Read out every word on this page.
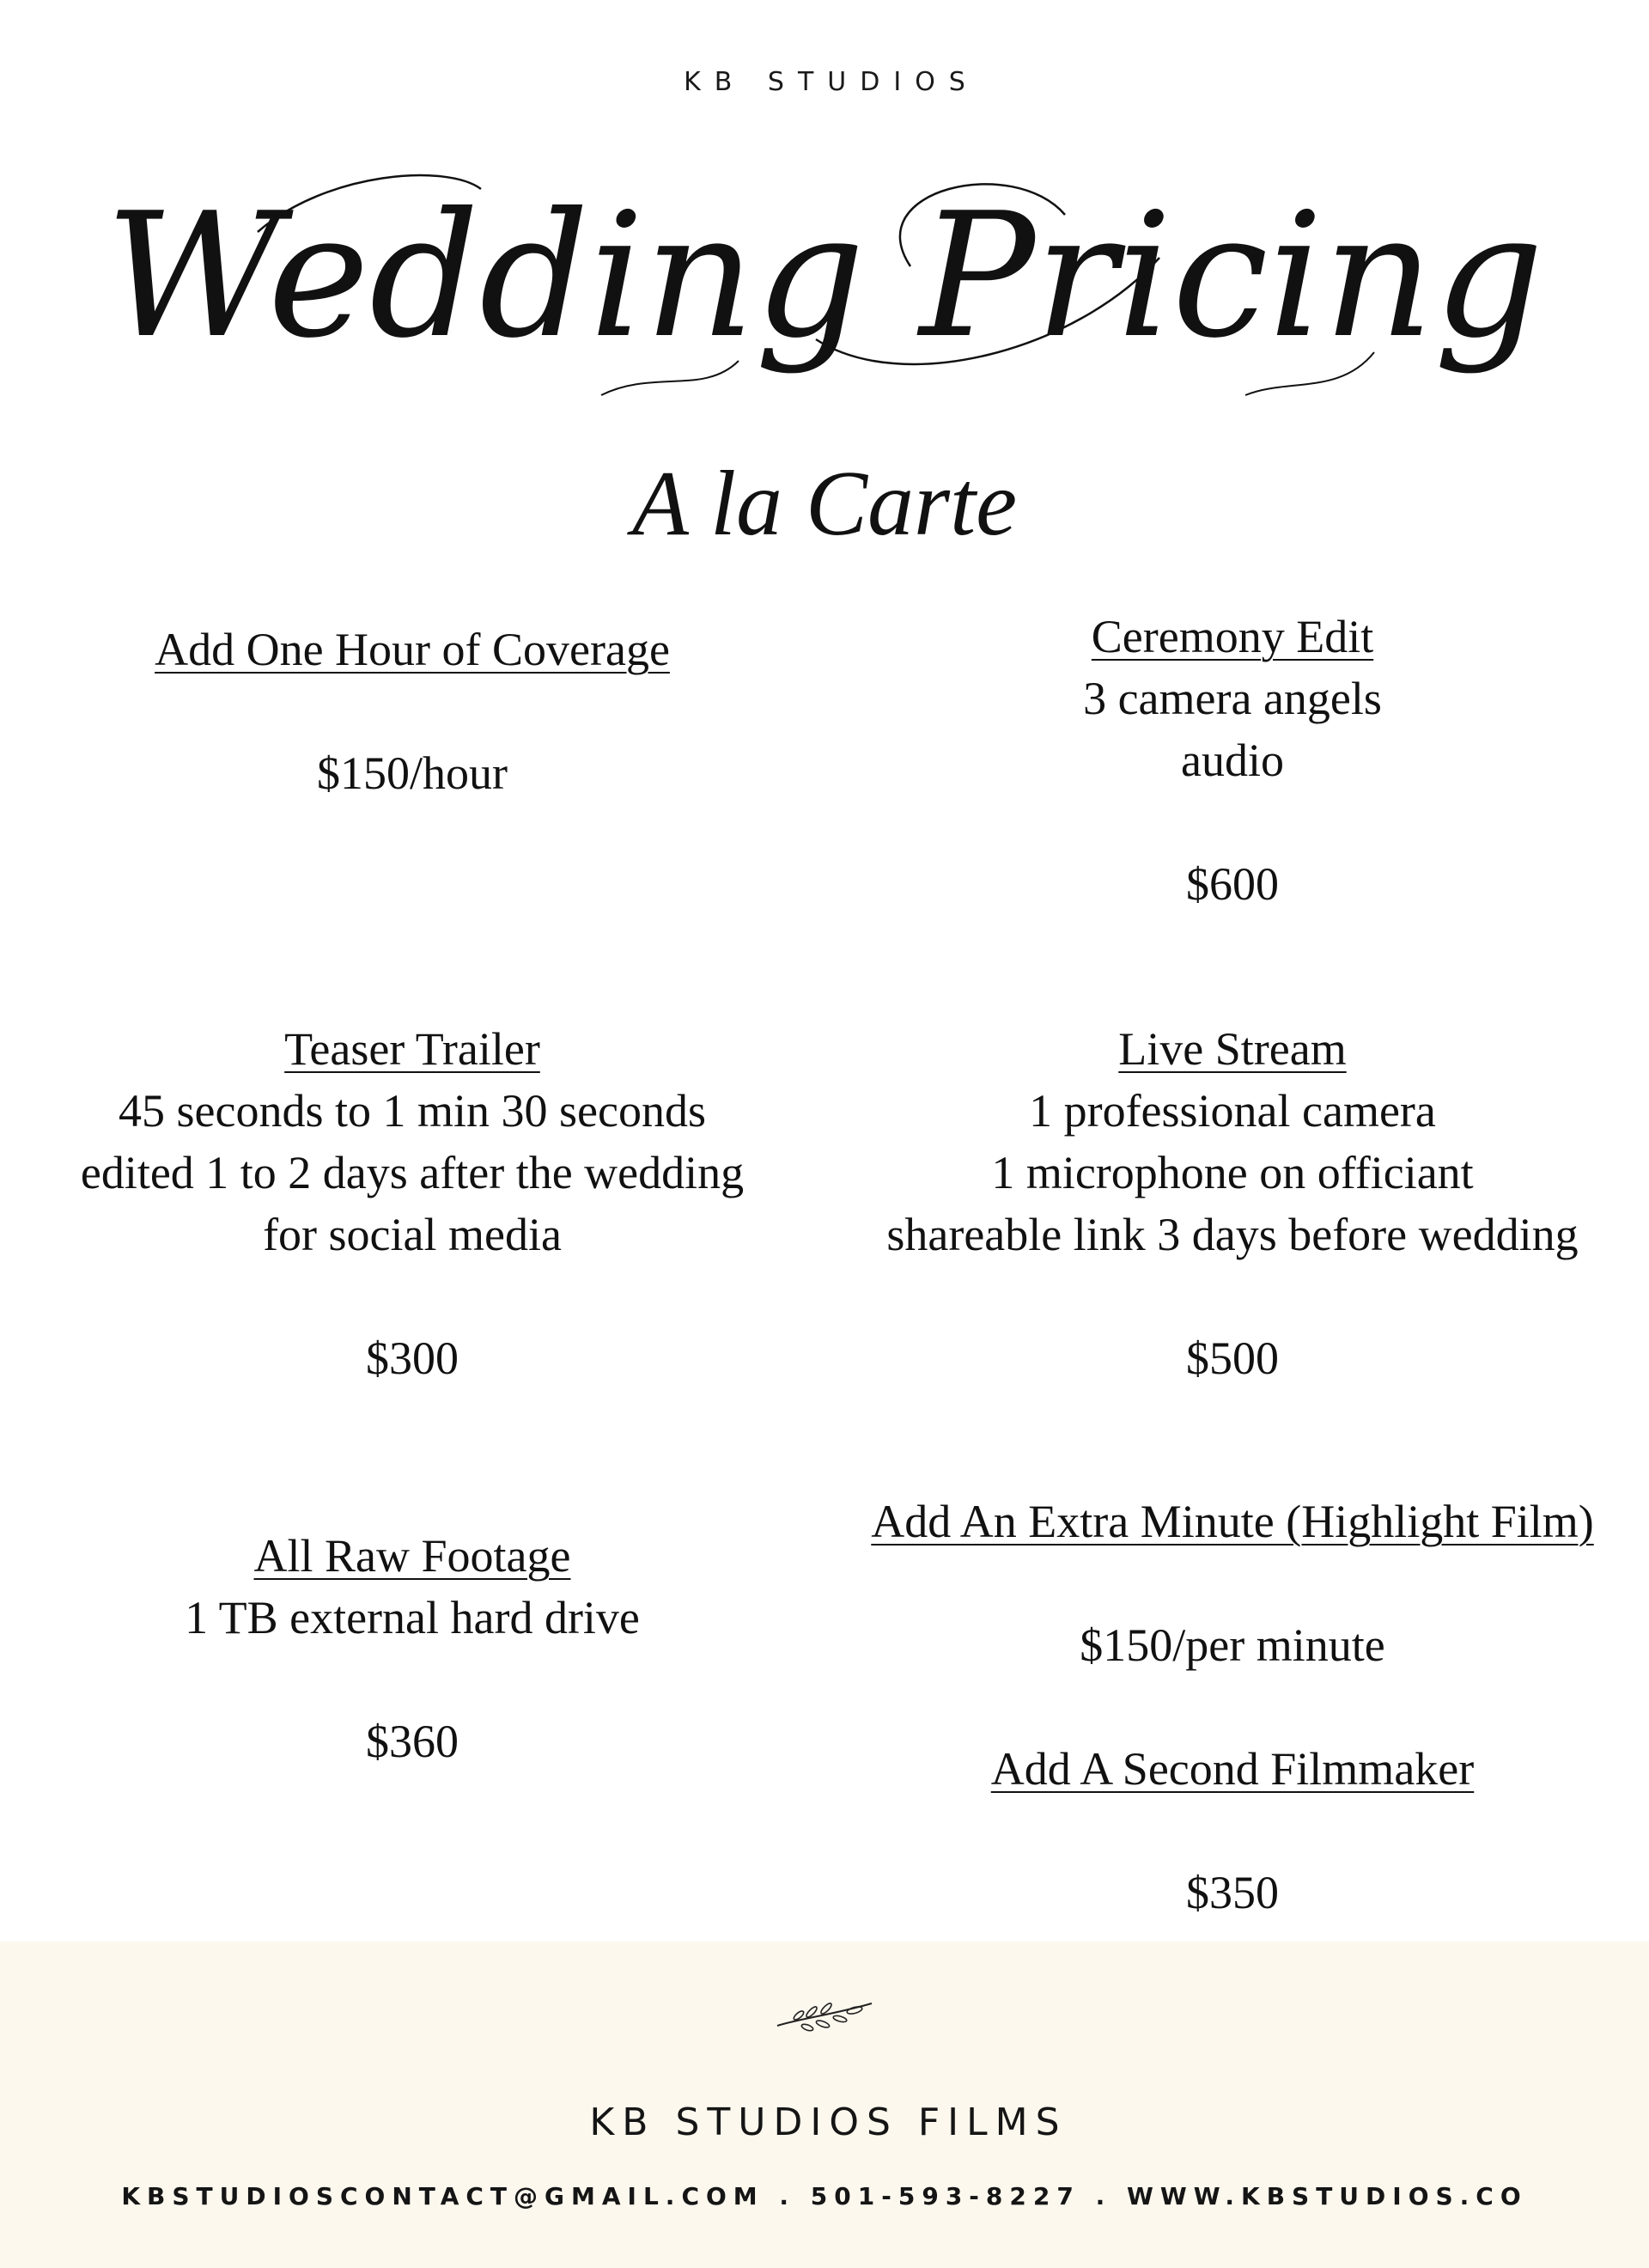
KB STUDIOS
Wedding Pricing
A la Carte
Add One Hour of Coverage
$150/hour
Teaser Trailer
45 seconds to 1 min 30 seconds
edited 1 to 2 days after the wedding
for social media
$300
All Raw Footage
1 TB external hard drive
$360
Ceremony Edit
3 camera angels
audio
$600
Live Stream
1 professional camera
1 microphone on officiant
shareable link 3 days before wedding
$500
Add An Extra Minute (Highlight Film)
$150/per minute
Add A Second Filmmaker
$350
KB STUDIOS FILMS
KBSTUDIOSCONTACT@GMAIL.COM . 501-593-8227 . WWW.KBSTUDIOS.CO
